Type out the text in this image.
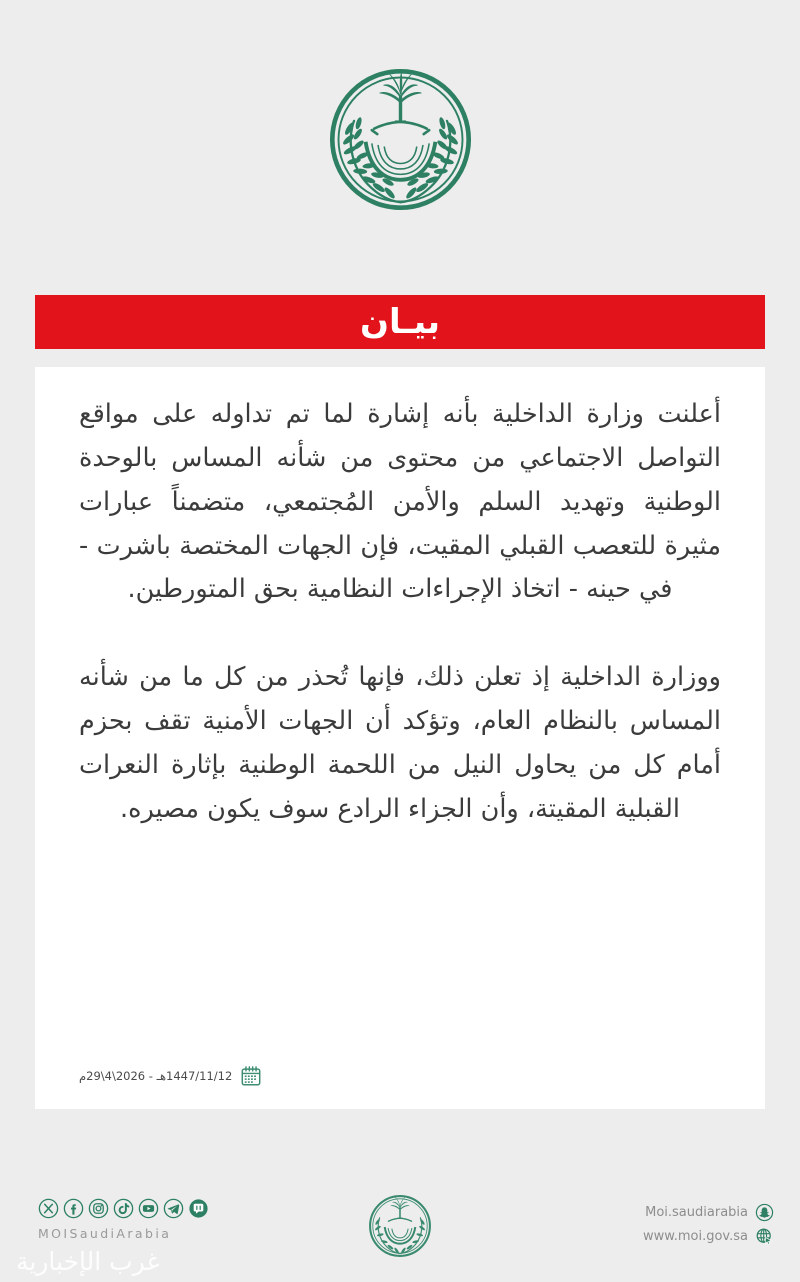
بيـان

أعلنت وزارة الداخلية بأنه إشارة لما تم تداوله على مواقع التواصل الاجتماعي من محتوى من شأنه المساس بالوحدة الوطنية وتهديد السلم والأمن المُجتمعي، متضمناً عبارات مثيرة للتعصب القبلي المقيت، فإن الجهات المختصة باشرت - في حينه - اتخاذ الإجراءات النظامية بحق المتورطين.

ووزارة الداخلية إذ تعلن ذلك، فإنها تُحذر من كل ما من شأنه المساس بالنظام العام، وتؤكد أن الجهات الأمنية تقف بحزم أمام كل من يحاول النيل من اللحمة الوطنية بإثارة النعرات القبلية المقيتة، وأن الجزاء الرادع سوف يكون مصيره.

1447/11/12هـ - 2026\4\29م
MOISaudiArabia
Moi.saudiarabia
www.moi.gov.sa
غرب الإخبارية
